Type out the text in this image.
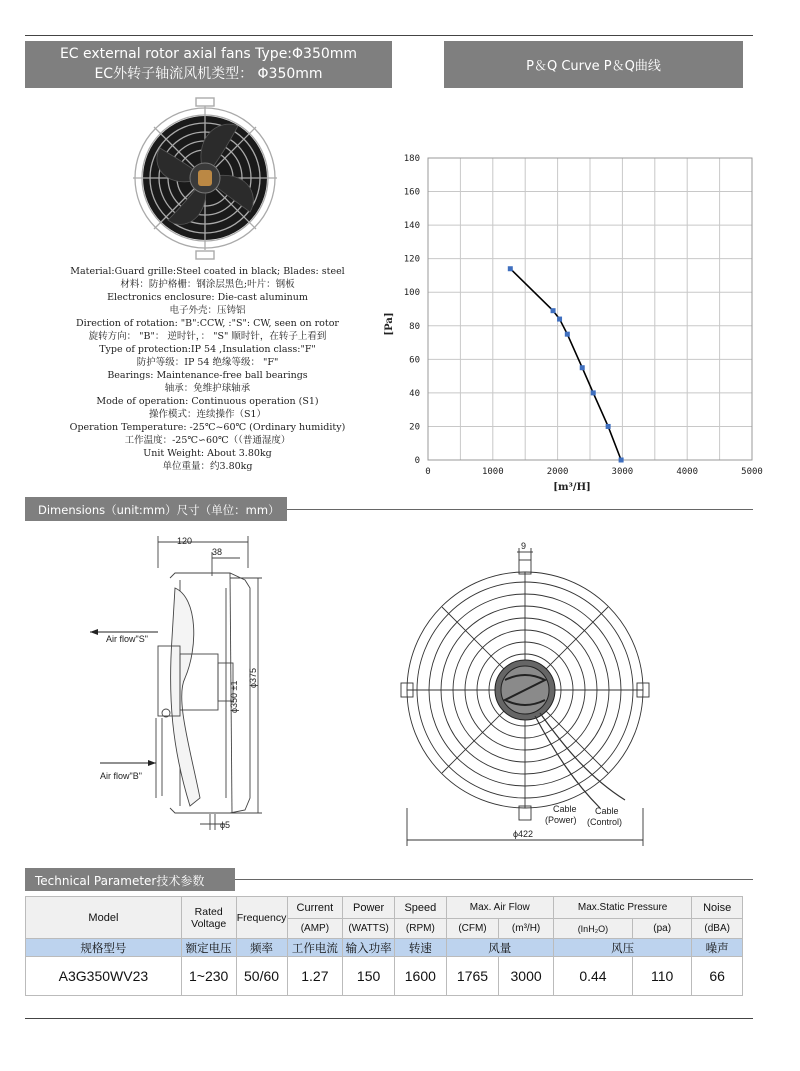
EC external rotor axial fans Type:Φ350mm
EC外转子轴流风机类型： Φ350mm	P＆Q Curve P＆Q曲线
Material:Guard grille:Steel coated in black; Blades: steel
材料：防护格栅：钢涂层黑色;叶片：钢板
Electronics enclosure: Die-cast aluminum
电子外壳：压铸铝
Direction of rotation: "B":CCW, :"S": CW, seen on rotor
旋转方向： "B"： 逆时针，： "S" 顺时针，在转子上看到
Type of protection:IP 54 ,Insulation class:"F"
防护等级：IP 54 绝缘等级： "F"
Bearings: Maintenance-free ball bearings
轴承：免维护球轴承
Mode of operation: Continuous operation (S1)
操作模式：连续操作（S1）
Operation Temperature: -25℃~60℃ (Ordinary humidity)
工作温度：-25℃∽60℃（（普通湿度）
Unit Weight: About 3.80kg
单位重量：约3.80kg	0	1000	2000	3000	4000	5000
0
20
40
60
80
100
120
140
160
180
[m³/H]
[Pa]
Dimensions（unit:mm）尺寸（单位：mm）
120
38
Air flow"S"
Air flow"B"
ϕ350 ±1
ϕ375
ϕ5
9
Cable
(Power)
Cable
(Control)
ϕ422
Technical Parameter技术参数
Model	Rated Voltage	Frequency	Current	Power	Speed	Max. Air Flow		Max.Static Pressure		Noise
			(AMP)	(WATTS)	(RPM)	(CFM)	(m³/H)	(InH₂O)	(pa)	(dBA)
规格型号	额定电压	频率	工作电流	输入功率	转速	风量		风压		噪声
A3G350WV23	1~230	50/60	1.27	150	1600	1765	3000	0.44	110	66
